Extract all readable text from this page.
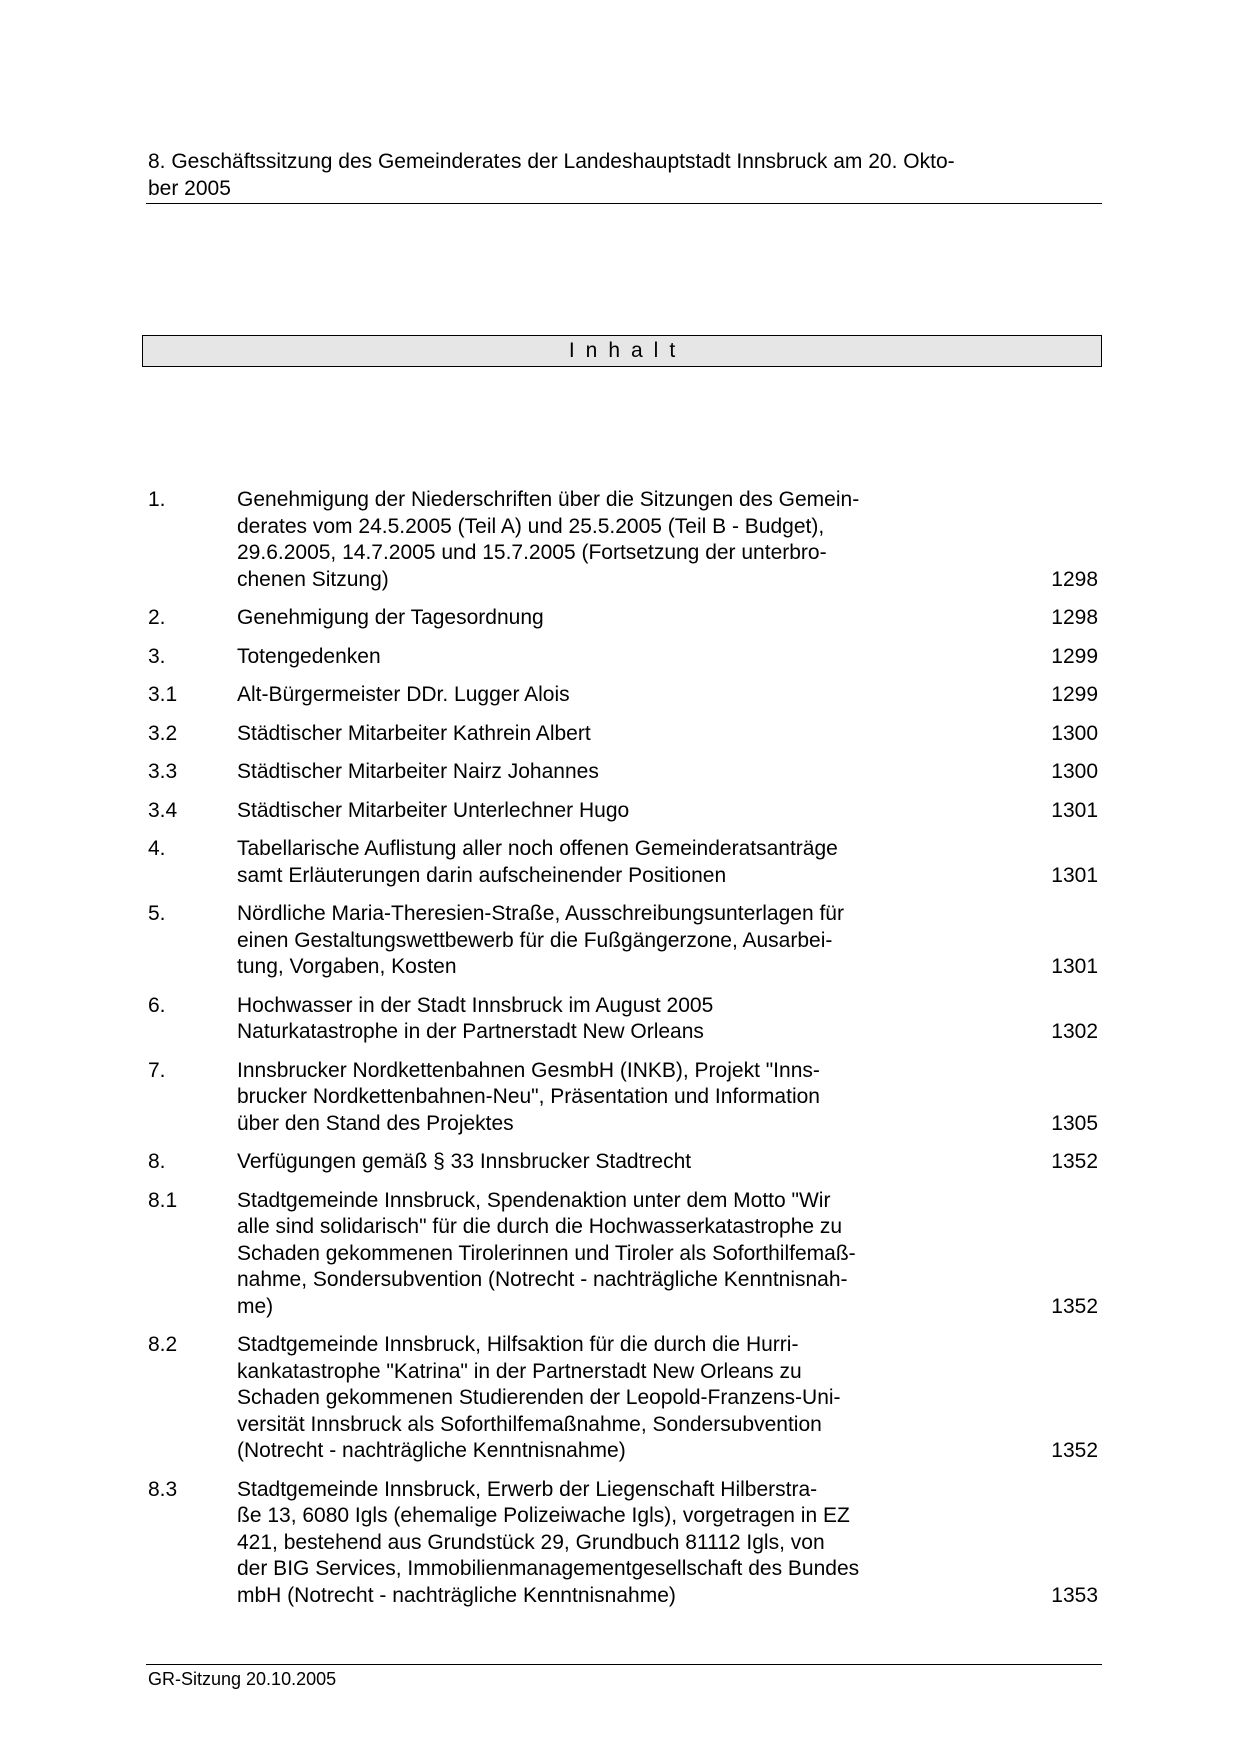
8. Geschäftssitzung des Gemeinderates der Landeshauptstadt Innsbruck am 20. Okto-
ber 2005
Inhalt
1.	Genehmigung der Niederschriften über die Sitzungen des Gemein-
derates vom 24.5.2005 (Teil A) und 25.5.2005 (Teil B - Budget),
29.6.2005, 14.7.2005 und 15.7.2005 (Fortsetzung der unterbro-
chenen Sitzung)	1298
2.	Genehmigung der Tagesordnung	1298
3.	Totengedenken	1299
3.1	Alt-Bürgermeister DDr. Lugger Alois	1299
3.2	Städtischer Mitarbeiter Kathrein Albert	1300
3.3	Städtischer Mitarbeiter Nairz Johannes	1300
3.4	Städtischer Mitarbeiter Unterlechner Hugo	1301
4.	Tabellarische Auflistung aller noch offenen Gemeinderatsanträge
samt Erläuterungen darin aufscheinender Positionen	1301
5.	Nördliche Maria-Theresien-Straße, Ausschreibungsunterlagen für
einen Gestaltungswettbewerb für die Fußgängerzone, Ausarbei-
tung, Vorgaben, Kosten	1301
6.	Hochwasser in der Stadt Innsbruck im August 2005
Naturkatastrophe in der Partnerstadt New Orleans	1302
7.	Innsbrucker Nordkettenbahnen GesmbH (INKB), Projekt "Inns-
brucker Nordkettenbahnen-Neu", Präsentation und Information
über den Stand des Projektes	1305
8.	Verfügungen gemäß § 33 Innsbrucker Stadtrecht	1352
8.1	Stadtgemeinde Innsbruck, Spendenaktion unter dem Motto "Wir
alle sind solidarisch" für die durch die Hochwasserkatastrophe zu
Schaden gekommenen Tirolerinnen und Tiroler als Soforthilfemaß-
nahme, Sondersubvention (Notrecht - nachträgliche Kenntnisnah-
me)	1352
8.2	Stadtgemeinde Innsbruck, Hilfsaktion für die durch die Hurri-
kankatastrophe "Katrina" in der Partnerstadt New Orleans zu
Schaden gekommenen Studierenden der Leopold-Franzens-Uni-
versität Innsbruck als Soforthilfemaßnahme, Sondersubvention
(Notrecht - nachträgliche Kenntnisnahme)	1352
8.3	Stadtgemeinde Innsbruck, Erwerb der Liegenschaft Hilberstra-
ße 13, 6080 Igls (ehemalige Polizeiwache Igls), vorgetragen in EZ
421, bestehend aus Grundstück 29, Grundbuch 81112 Igls, von
der BIG Services, Immobilienmanagementgesellschaft des Bundes
mbH (Notrecht - nachträgliche Kenntnisnahme)	1353
GR-Sitzung 20.10.2005
